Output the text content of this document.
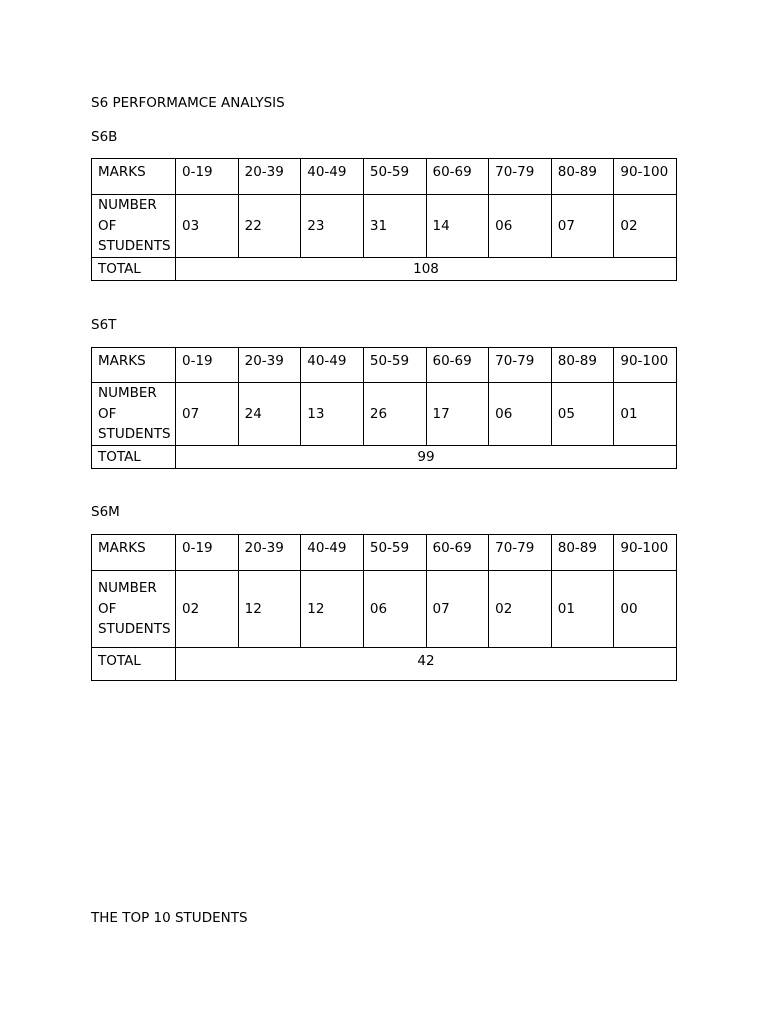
S6 PERFORMAMCE ANALYSIS
S6B
MARKS	0-19	20-39	40-49	50-59	60-69	70-79	80-89	90-100

NUMBER
OF
STUDENTS	03	22	23	31	14	06	07	02
TOTAL	108							
S6T
MARKS	0-19	20-39	40-49	50-59	60-69	70-79	80-89	90-100

NUMBER
OF
STUDENTS	07	24	13	26	17	06	05	01
TOTAL	99							
S6M
MARKS	0-19	20-39	40-49	50-59	60-69	70-79	80-89	90-100

NUMBER
OF
STUDENTS	02	12	12	06	07	02	01	00
TOTAL	42							
THE TOP 10 STUDENTS
